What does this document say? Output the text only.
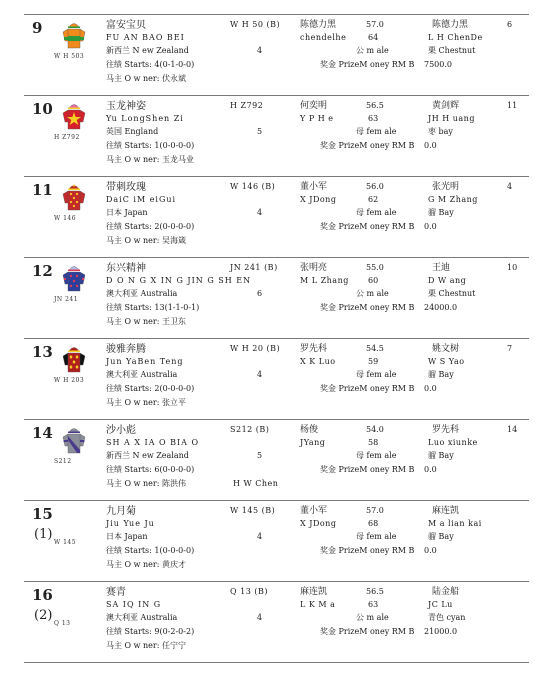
9
W H 503
富安宝贝
FU AN BAO BEI
新西兰 N ew Zealand
往绩 Starts: 4(0-1-0-0)
马主 O w ner: 伏永斌
W H 50 (B)
4
陈德力黑
chendelhe
57.0
64
公 m ale
奖金 PrizeM oney RM B
陈德力黑
L H ChenDe
栗 Chestnut
7500.0
6
10
H Z792
玉龙神姿
Yu LongShen Zi
英国 England
往绩 Starts: 1(0-0-0-0)
马主 O w ner: 玉龙马业
H Z792
5
何奕明
Y P H e
56.5
63
母 fem ale
奖金 PrizeM oney RM B
黄剑辉
JH H uang
枣 bay
0.0
11
11
W 146
带刺玫瑰
DaiC iM eiGui
日本 Japan
往绩 Starts: 2(0-0-0-0)
马主 O w ner: 吴海箴
W 146 (B)
4
董小军
X JDong
56.0
62
母 fem ale
奖金 PrizeM oney RM B
张光明
G M Zhang
骝 Bay
0.0
4
12
JN 241
东兴精神
D O N G X IN G JIN G SH EN
澳大利亚 Australia
往绩 Starts: 13(1-1-0-1)
马主 O w ner: 王卫东
JN 241 (B)
6
张明亮
M L Zhang
55.0
60
公 m ale
奖金 PrizeM oney RM B
王迪
D W ang
栗 Chestnut
24000.0
10
13
W H 203
骏雅奔腾
Jun YaBen Teng
澳大利亚 Australia
往绩 Starts: 2(0-0-0-0)
马主 O w ner: 张立平
W H 20 (B)
4
罗先科
X K Luo
54.5
59
母 fem ale
奖金 PrizeM oney RM B
姚文树
W S Yao
骝 Bay
0.0
7
14
S212
沙小彪
SH A X IA O BIA O
新西兰 N ew Zealand
往绩 Starts: 6(0-0-0-0)
马主 O w ner: 陈洪伟
S212 (B)
5
H W Chen
杨俊
JYang
54.0
58
母 fem ale
奖金 PrizeM oney RM B
罗先科
Luo xiunke
骝 Bay
0.0
14
15
(1)
W 145
九月菊
Jiu Yue Ju
日本 Japan
往绩 Starts: 1(0-0-0-0)
马主 O w ner: 黄庆才
W 145 (B)
4
董小军
X JDong
57.0
68
母 fem ale
奖金 PrizeM oney RM B
麻连凯
M a lian kai
骝 Bay
0.0
16
(2)
Q 13
赛青
SA IQ IN G
澳大利亚 Australia
往绩 Starts: 9(0-2-0-2)
马主 O w ner: 任宁宁
Q 13 (B)
4
麻连凯
L K M a
56.5
63
公 m ale
奖金 PrizeM oney RM B
陆金船
JC Lu
青色 cyan
21000.0
